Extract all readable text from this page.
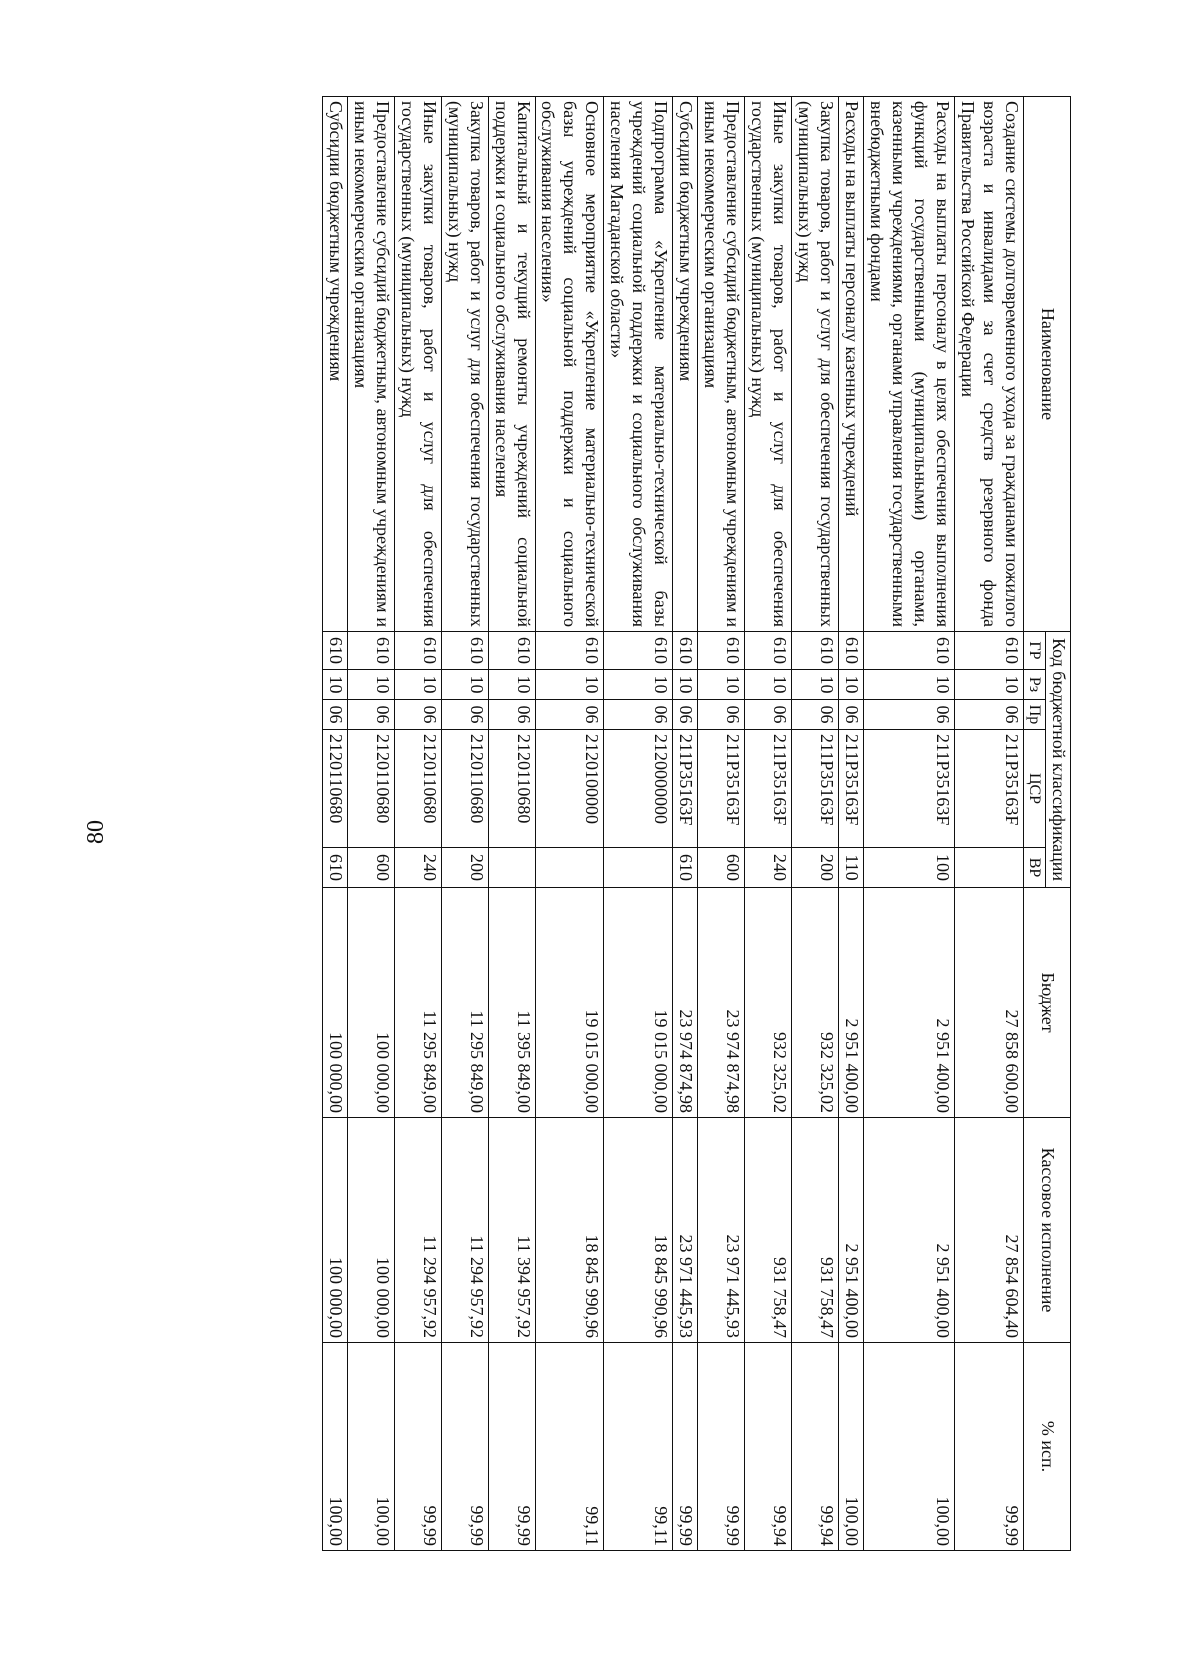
80
Наименование	Код бюджетной классификации					Бюджет	Кассовое исполнение	% исп.
	ГР	Рз	Пр	ЦСР	ВР			
Создание системы долговременного ухода за гражданами пожилого возраста и инвалидами за счет средств резервного фонда Правительства Российской Федерации	610	10	06	211P35163F		27 858 600,00	27 854 604,40	99,99
Расходы на выплаты персоналу в целях обеспечения выполнения функций государственными (муниципальными) органами, казенными учреждениями, органами управления государственными внебюджетными фондами	610	10	06	211P35163F	100	2 951 400,00	2 951 400,00	100,00
Расходы на выплаты персоналу казенных учреждений	610	10	06	211P35163F	110	2 951 400,00	2 951 400,00	100,00
Закупка товаров, работ и услуг для обеспечения государственных (муниципальных) нужд	610	10	06	211P35163F	200	932 325,02	931 758,47	99,94
Иные закупки товаров, работ и услуг для обеспечения государственных (муниципальных) нужд	610	10	06	211P35163F	240	932 325,02	931 758,47	99,94
Предоставление субсидий бюджетным, автономным учреждениям и иным некоммерческим организациям	610	10	06	211P35163F	600	23 974 874,98	23 971 445,93	99,99
Субсидии бюджетным учреждениям	610	10	06	211P35163F	610	23 974 874,98	23 971 445,93	99,99
Подпрограмма «Укрепление материально-технической базы учреждений социальной поддержки и социального обслуживания населения Магаданской области»	610	10	06	2120000000		19 015 000,00	18 845 990,96	99,11
Основное мероприятие «Укрепление материально-технической базы учреждений социальной поддержки и социального обслуживания населения»	610	10	06	2120100000		19 015 000,00	18 845 990,96	99,11
Капитальный и текущий ремонты учреждений социальной поддержки и социального обслуживания населения	610	10	06	2120110680		11 395 849,00	11 394 957,92	99,99
Закупка товаров, работ и услуг для обеспечения государственных (муниципальных) нужд	610	10	06	2120110680	200	11 295 849,00	11 294 957,92	99,99
Иные закупки товаров, работ и услуг для обеспечения государственных (муниципальных) нужд	610	10	06	2120110680	240	11 295 849,00	11 294 957,92	99,99
Предоставление субсидий бюджетным, автономным учреждениям и иным некоммерческим организациям	610	10	06	2120110680	600	100 000,00	100 000,00	100,00
Субсидии бюджетным учреждениям	610	10	06	2120110680	610	100 000,00	100 000,00	100,00
